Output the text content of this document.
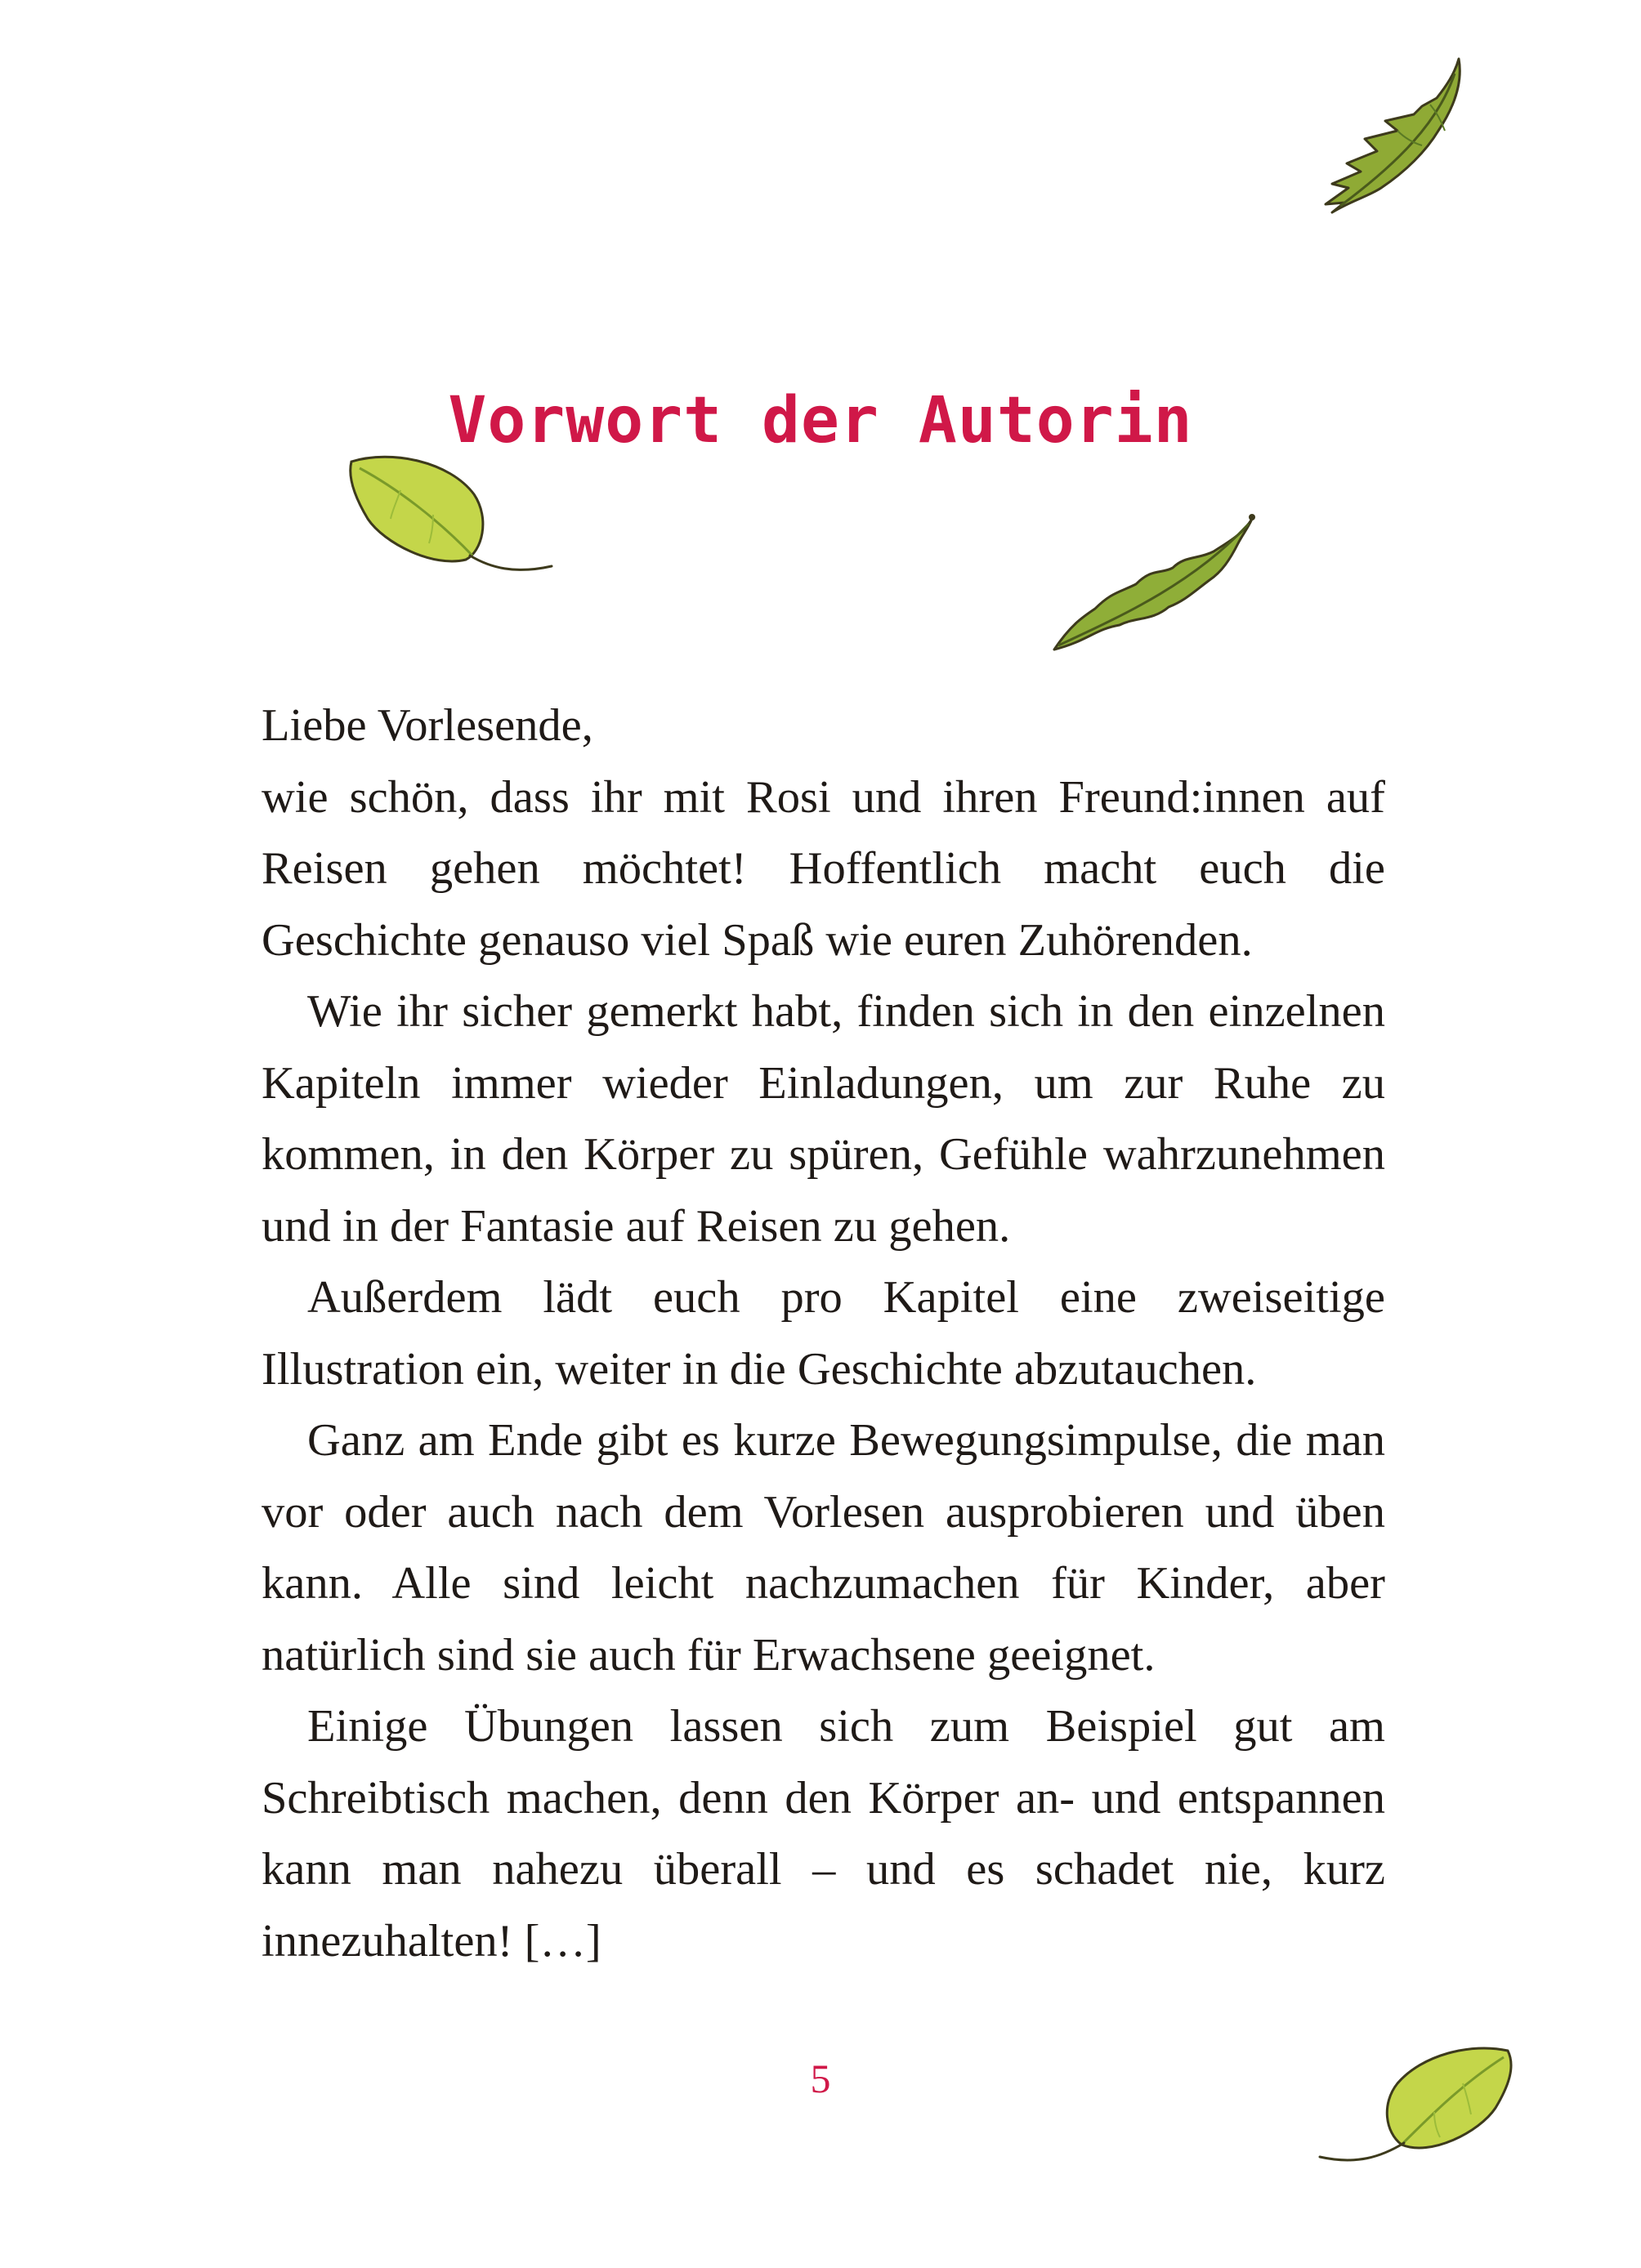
Vorwort der Autorin

Liebe Vorlesende,

wie schön, dass ihr mit Rosi und ihren Freund:innen auf Reisen gehen möchtet! Hoffentlich macht euch die Geschichte genauso viel Spaß wie euren Zuhörenden.

Wie ihr sicher gemerkt habt, finden sich in den einzelnen Kapiteln immer wieder Einladungen, um zur Ruhe zu kommen, in den Körper zu spüren, Gefühle wahrzunehmen und in der Fantasie auf Reisen zu gehen.

Außerdem lädt euch pro Kapitel eine zweiseitige Illustration ein, weiter in die Geschichte abzutauchen.

Ganz am Ende gibt es kurze Bewegungsimpulse, die man vor oder auch nach dem Vorlesen ausprobieren und üben kann. Alle sind leicht nachzumachen für Kinder, aber natürlich sind sie auch für Erwachsene geeignet.

Einige Übungen lassen sich zum Beispiel gut am Schreibtisch machen, denn den Körper an- und entspannen kann man nahezu überall – und es schadet nie, kurz innezuhalten! […]

5
